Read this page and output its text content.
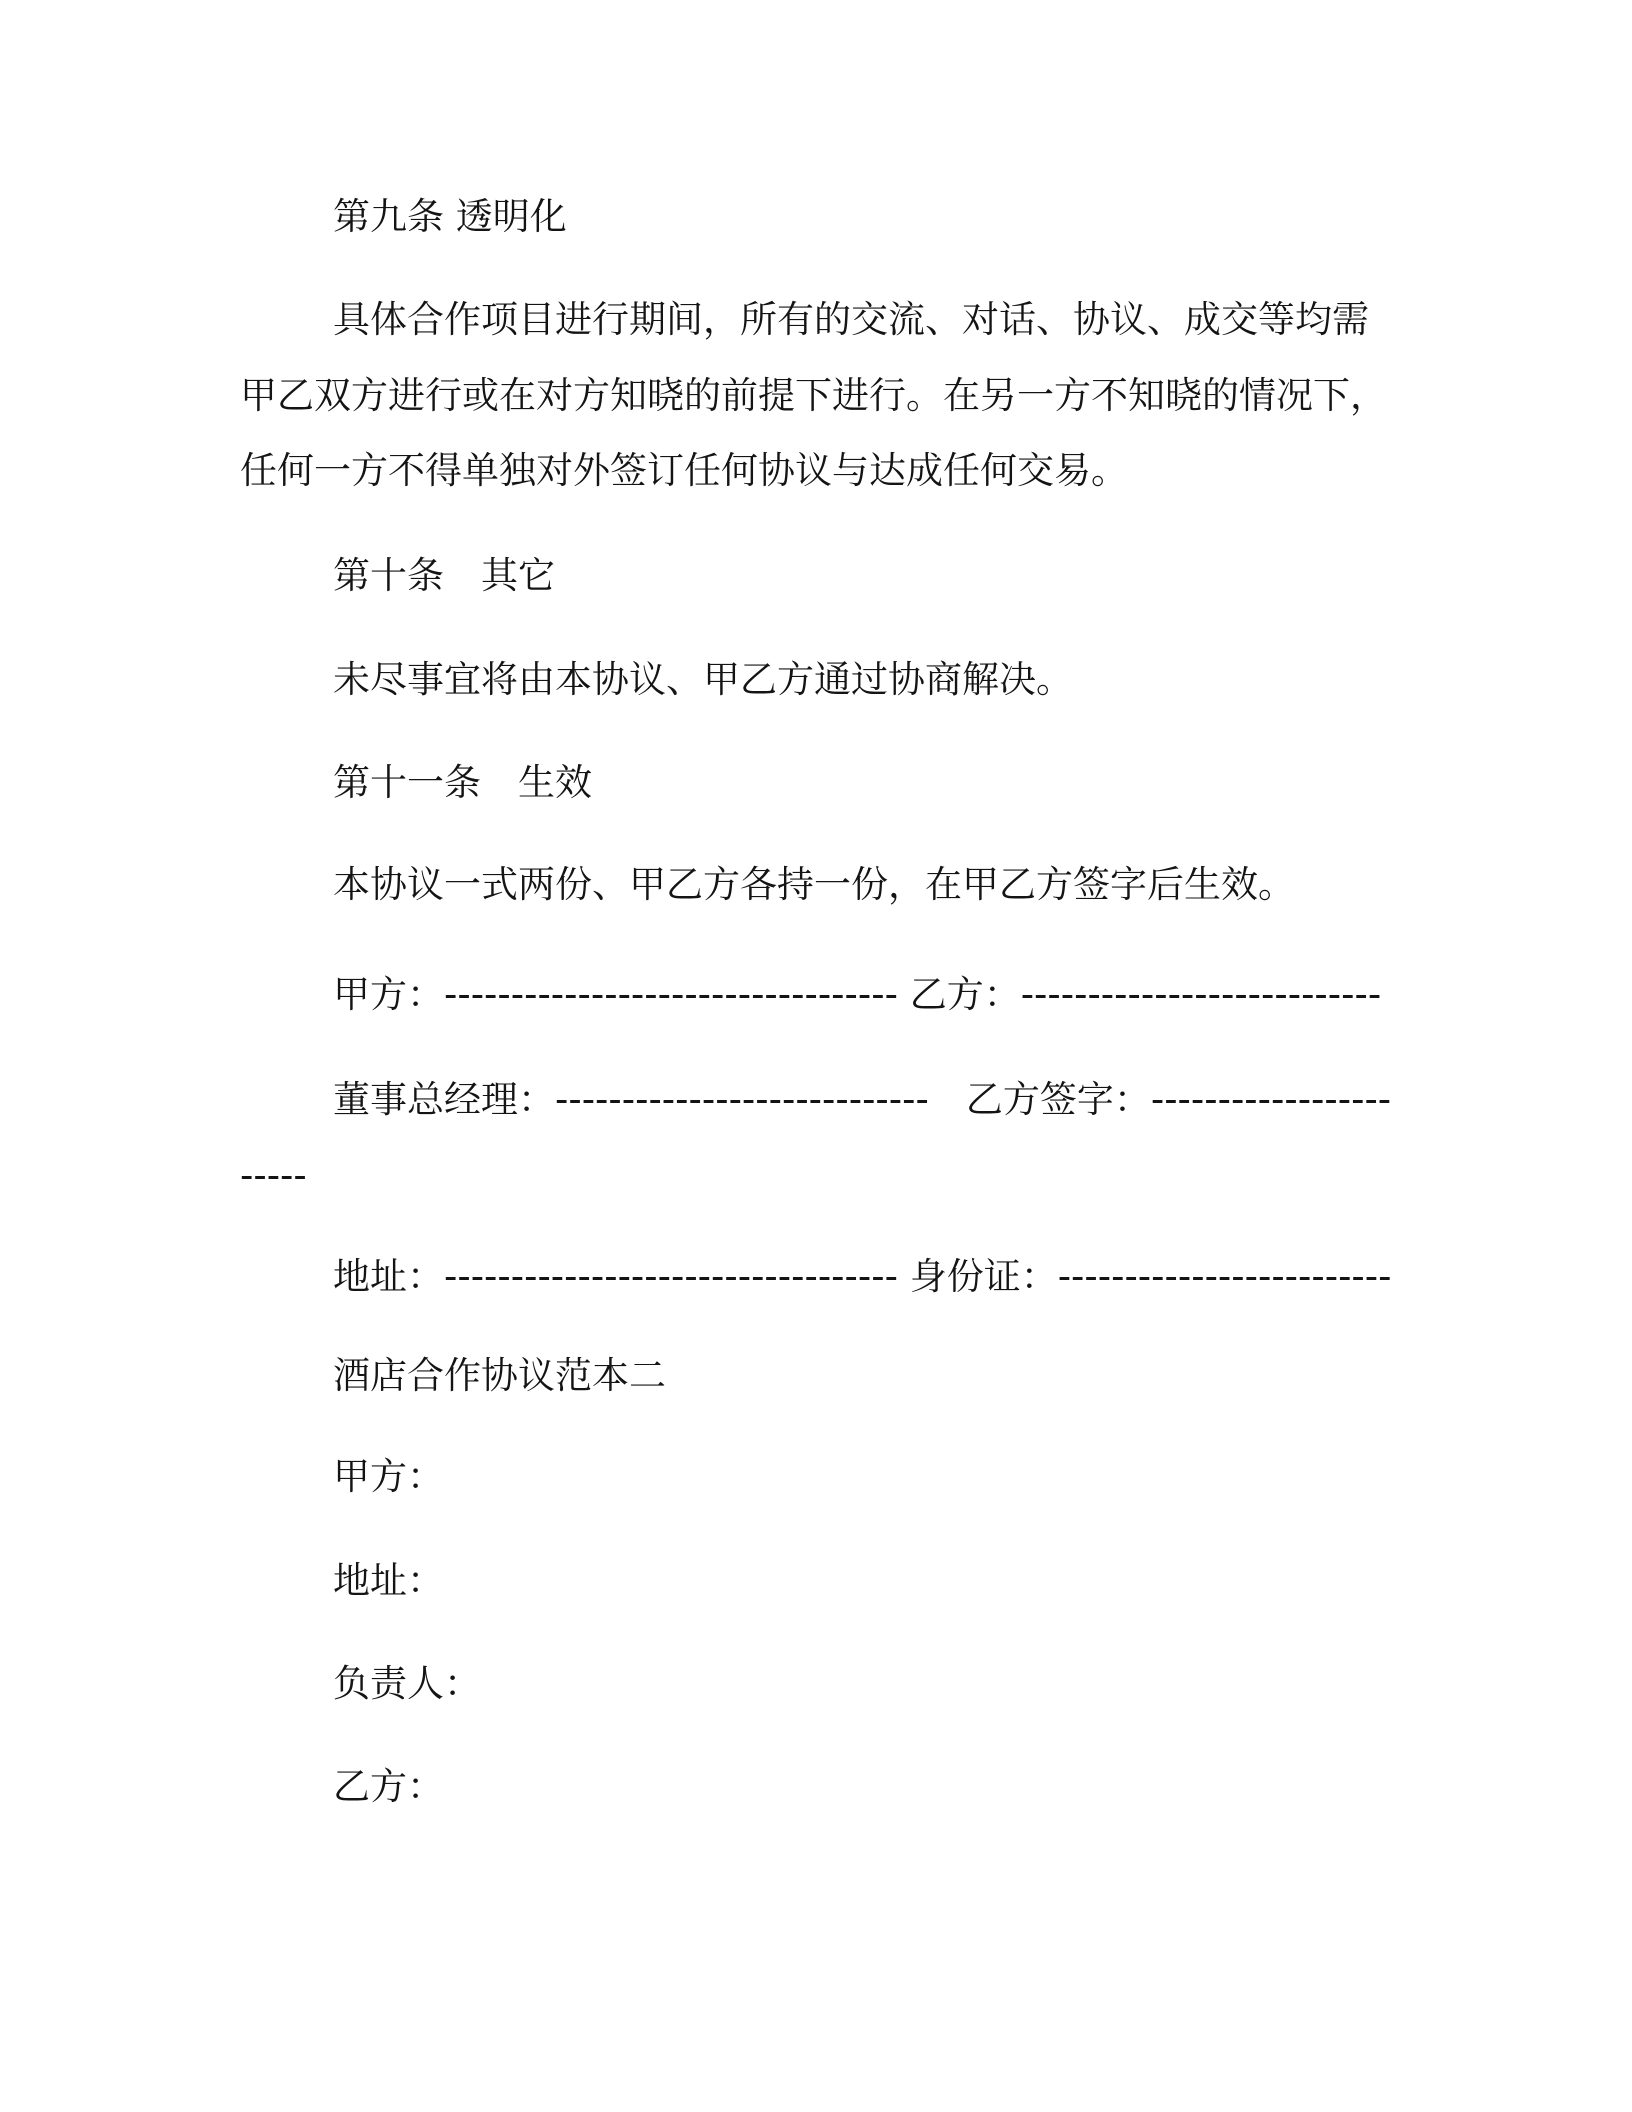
第九条 透明化
具体合作项目进行期间，所有的交流、对话、协议、成交等均需
甲乙双方进行或在对方知晓的前提下进行。在另一方不知晓的情况下，
任何一方不得单独对外签订任何协议与达成任何交易。
第十条　其它
未尽事宜将由本协议、甲乙方通过协商解决。
第十一条　生效
本协议一式两份、甲乙方各持一份，在甲乙方签字后生效。
甲方：---------------------------------- 乙方：---------------------------
董事总经理：----------------------------　 乙方签字：------------------
-----
地址：---------------------------------- 身份证：-------------------------
酒店合作协议范本二
甲方：
地址：
负责人：
乙方：
